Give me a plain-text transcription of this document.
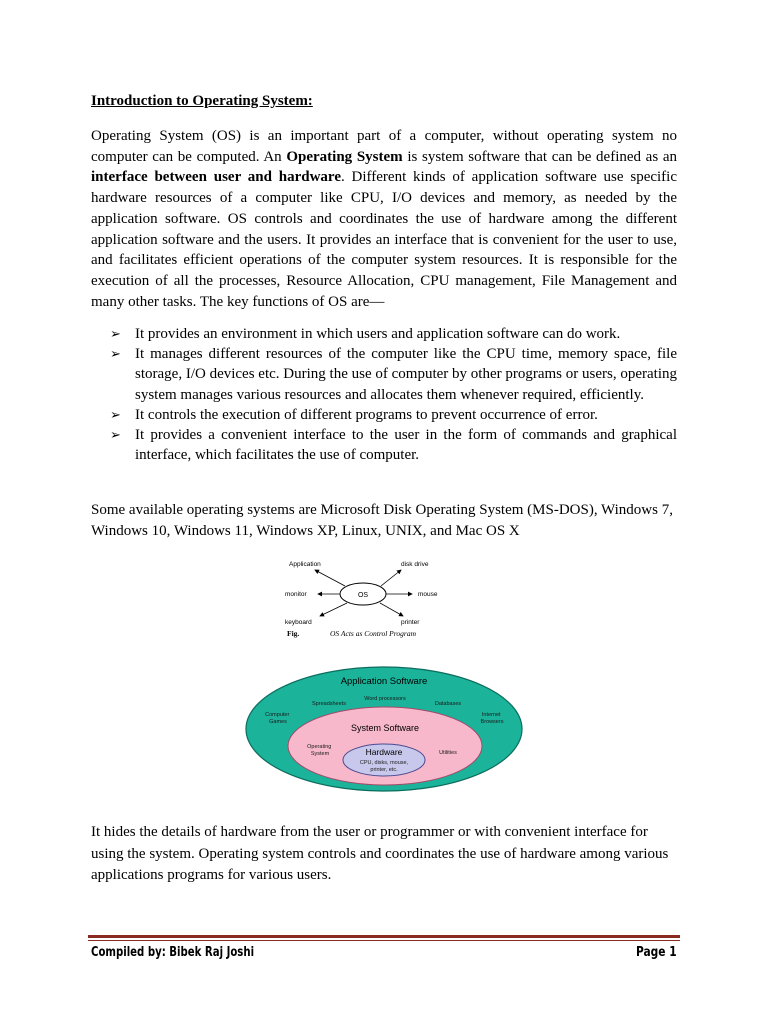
Introduction to Operating System:

Operating System (OS) is an important part of a computer, without operating system no computer can be computed. An Operating System is system software that can be defined as an interface between user and hardware. Different kinds of application software use specific hardware resources of a computer like CPU, I/O devices and memory, as needed by the application software. OS controls and coordinates the use of hardware among the different application software and the users. It provides an interface that is convenient for the user to use, and facilitates efficient operations of the computer system resources. It is responsible for the execution of all the processes, Resource Allocation, CPU management, File Management and many other tasks. The key functions of OS are—

➢ It provides an environment in which users and application software can do work.
➢ It manages different resources of the computer like the CPU time, memory space, file storage, I/O devices etc. During the use of computer by other programs or users, operating system manages various resources and allocates them whenever required, efficiently.
➢ It controls the execution of different programs to prevent occurrence of error.
➢ It provides a convenient interface to the user in the form of commands and graphical interface, which facilitates the use of computer.

Some available operating systems are Microsoft Disk Operating System (MS-DOS), Windows 7, Windows 10, Windows 11, Windows XP, Linux, UNIX, and Mac OS X

OS
Application	disk drive
monitor	mouse
keyboard	printer
Fig.	OS Acts as Control Program
Application Software
Spreadsheets
Word processors
Databases
Computer Games
Internet Browsers
System Software
Operating System	Utilities
Hardware
CPU, disks, mouse,
printer, etc.

It hides the details of hardware from the user or programmer or with convenient interface for using the system. Operating system controls and coordinates the use of hardware among various applications programs for various users.

Compiled by: Bibek Raj Joshi	Page 1
